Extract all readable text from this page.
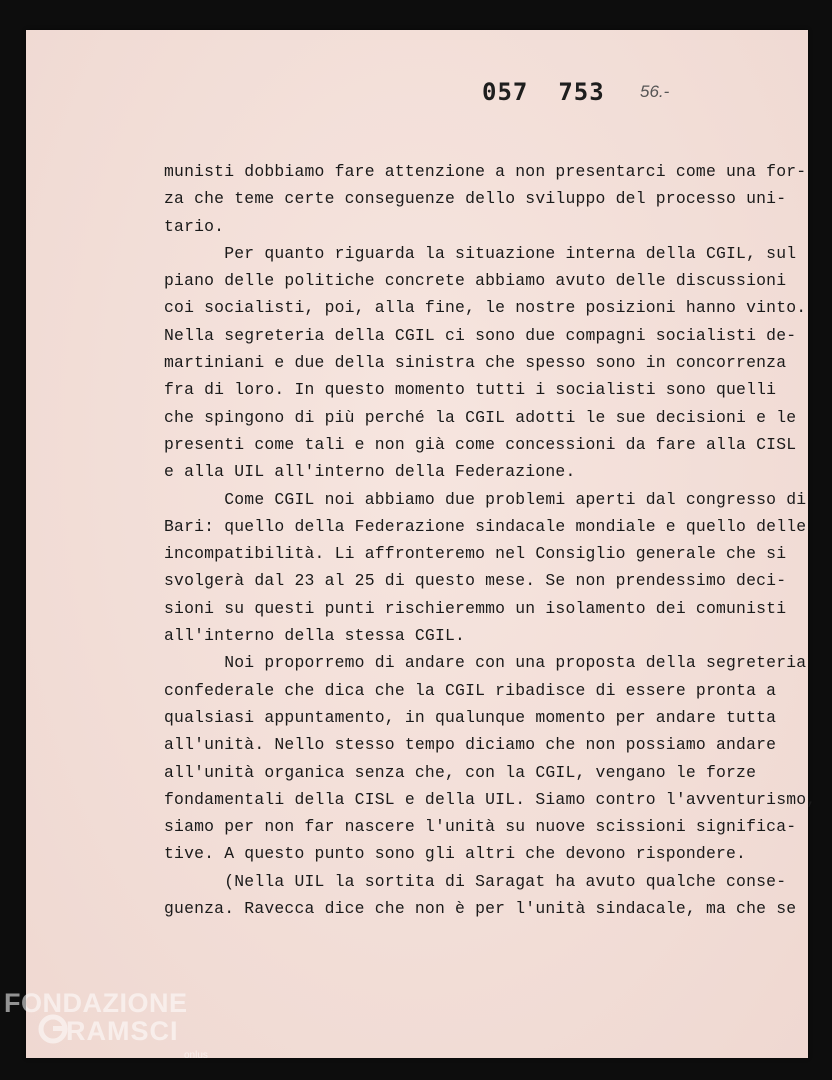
057 753 56.-
munisti dobbiamo fare attenzione a non presentarci come una for-
za che teme certe conseguenze dello sviluppo del processo uni-
tario.
Per quanto riguarda la situazione interna della CGIL, sul
piano delle politiche concrete abbiamo avuto delle discussioni
coi socialisti, poi, alla fine, le nostre posizioni hanno vinto.
Nella segreteria della CGIL ci sono due compagni socialisti de-
martiniani e due della sinistra che spesso sono in concorrenza
fra di loro. In questo momento tutti i socialisti sono quelli
che spingono di più perché la CGIL adotti le sue decisioni e le
presenti come tali e non già come concessioni da fare alla CISL
e alla UIL all'interno della Federazione.
Come CGIL noi abbiamo due problemi aperti dal congresso di
Bari: quello della Federazione sindacale mondiale e quello delle
incompatibilità. Li affronteremo nel Consiglio generale che si
svolgerà dal 23 al 25 di questo mese. Se non prendessimo deci-
sioni su questi punti rischieremmo un isolamento dei comunisti
all'interno della stessa CGIL.
Noi proporremo di andare con una proposta della segreteria
confederale che dica che la CGIL ribadisce di essere pronta a
qualsiasi appuntamento, in qualunque momento per andare tutta
all'unità. Nello stesso tempo diciamo che non possiamo andare
all'unità organica senza che, con la CGIL, vengano le forze
fondamentali della CISL e della UIL. Siamo contro l'avventurismo,
siamo per non far nascere l'unità su nuove scissioni significa-
tive. A questo punto sono gli altri che devono rispondere.
(Nella UIL la sortita di Saragat ha avuto qualche conse-
guenza. Ravecca dice che non è per l'unità sindacale, ma che se
FONDAZIONE
RAMSCI
onlus
